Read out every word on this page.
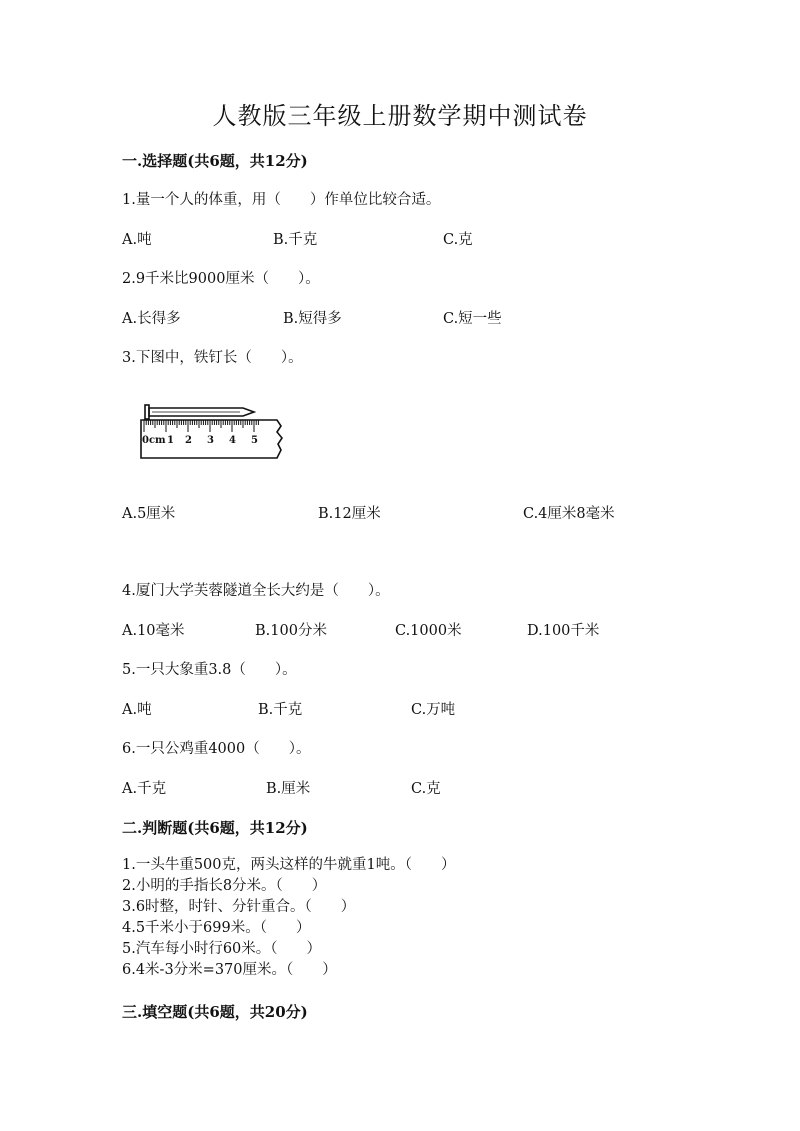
人教版三年级上册数学期中测试卷
一.选择题(共6题，共12分)
1.量一个人的体重，用（　　）作单位比较合适。
A.吨	B.千克	C.克
2.9千米比9000厘米（　　）。
A.长得多	B.短得多	C.短一些
3.下图中，铁钉长（　　）。
0cm 1 2 3 4 5
A.5厘米	B.12厘米	C.4厘米8毫米
4.厦门大学芙蓉隧道全长大约是（　　）。
A.10毫米	B.100分米	C.1000米	D.100千米
5.一只大象重3.8（　　）。
A.吨	B.千克	C.万吨
6.一只公鸡重4000（　　）。
A.千克	B.厘米	C.克
二.判断题(共6题，共12分)
1.一头牛重500克，两头这样的牛就重1吨。（　　）
2.小明的手指长8分米。（　　）
3.6时整，时针、分针重合。（　　）
4.5千米小于699米。（　　）
5.汽车每小时行60米。（　　）
6.4米-3分米=370厘米。（　　）
三.填空题(共6题，共20分)
